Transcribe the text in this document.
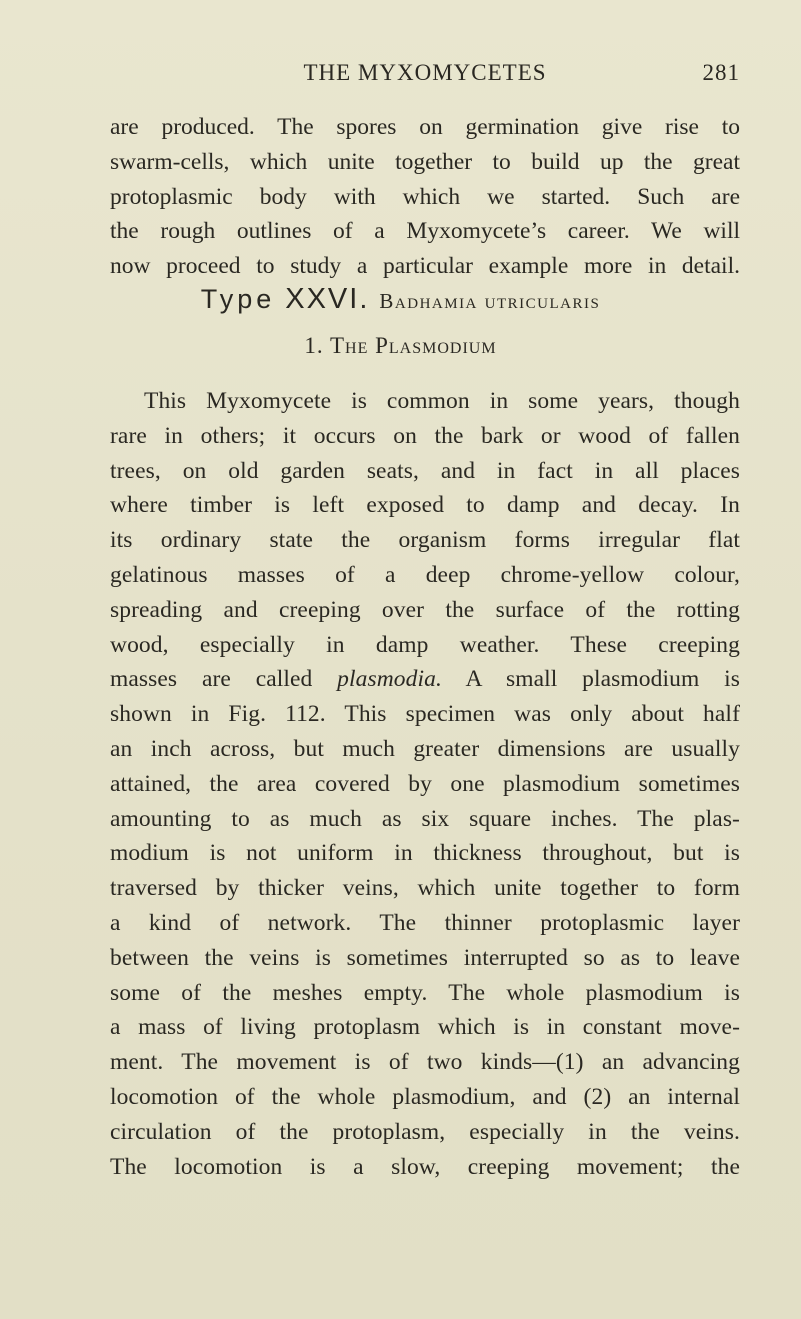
THE MYXOMYCETES	281
are produced. The spores on germination give rise to
swarm-cells, which unite together to build up the great
protoplasmic body with which we started. Such are
the rough outlines of a Myxomycete’s career. We will
now proceed to study a particular example more in detail.
Type XXVI. Badhamia utricularis
1. The Plasmodium
This Myxomycete is common in some years, though
rare in others; it occurs on the bark or wood of fallen
trees, on old garden seats, and in fact in all places
where timber is left exposed to damp and decay. In
its ordinary state the organism forms irregular flat
gelatinous masses of a deep chrome-yellow colour,
spreading and creeping over the surface of the rotting
wood, especially in damp weather. These creeping
masses are called plasmodia. A small plasmodium is
shown in Fig. 112. This specimen was only about half
an inch across, but much greater dimensions are usually
attained, the area covered by one plasmodium sometimes
amounting to as much as six square inches. The plas-
modium is not uniform in thickness throughout, but is
traversed by thicker veins, which unite together to form
a kind of network. The thinner protoplasmic layer
between the veins is sometimes interrupted so as to leave
some of the meshes empty. The whole plasmodium is
a mass of living protoplasm which is in constant move-
ment. The movement is of two kinds—(1) an advancing
locomotion of the whole plasmodium, and (2) an internal
circulation of the protoplasm, especially in the veins.
The locomotion is a slow, creeping movement; the
